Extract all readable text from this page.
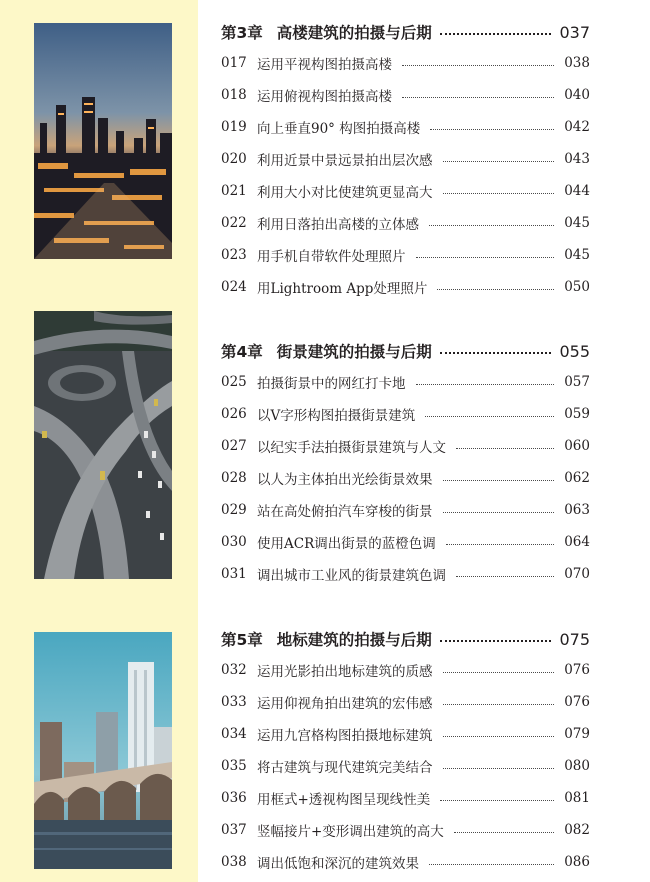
第3章 高楼建筑的拍摄与后期	037
017 运用平视构图拍摄高楼	038
018 运用俯视构图拍摄高楼	040
019 向上垂直90° 构图拍摄高楼	042
020 利用近景中景远景拍出层次感	043
021 利用大小对比使建筑更显高大	044
022 利用日落拍出高楼的立体感	045
023 用手机自带软件处理照片	045
024 用Lightroom App处理照片	050
第4章 街景建筑的拍摄与后期	055
025 拍摄街景中的网红打卡地	057
026 以V字形构图拍摄街景建筑	059
027 以纪实手法拍摄街景建筑与人文	060
028 以人为主体拍出光绘街景效果	062
029 站在高处俯拍汽车穿梭的街景	063
030 使用ACR调出街景的蓝橙色调	064
031 调出城市工业风的街景建筑色调	070
第5章 地标建筑的拍摄与后期	075
032 运用光影拍出地标建筑的质感	076
033 运用仰视角拍出建筑的宏伟感	076
034 运用九宫格构图拍摄地标建筑	079
035 将古建筑与现代建筑完美结合	080
036 用框式+透视构图呈现线性美	081
037 竖幅接片+变形调出建筑的高大	082
038 调出低饱和深沉的建筑效果	086
